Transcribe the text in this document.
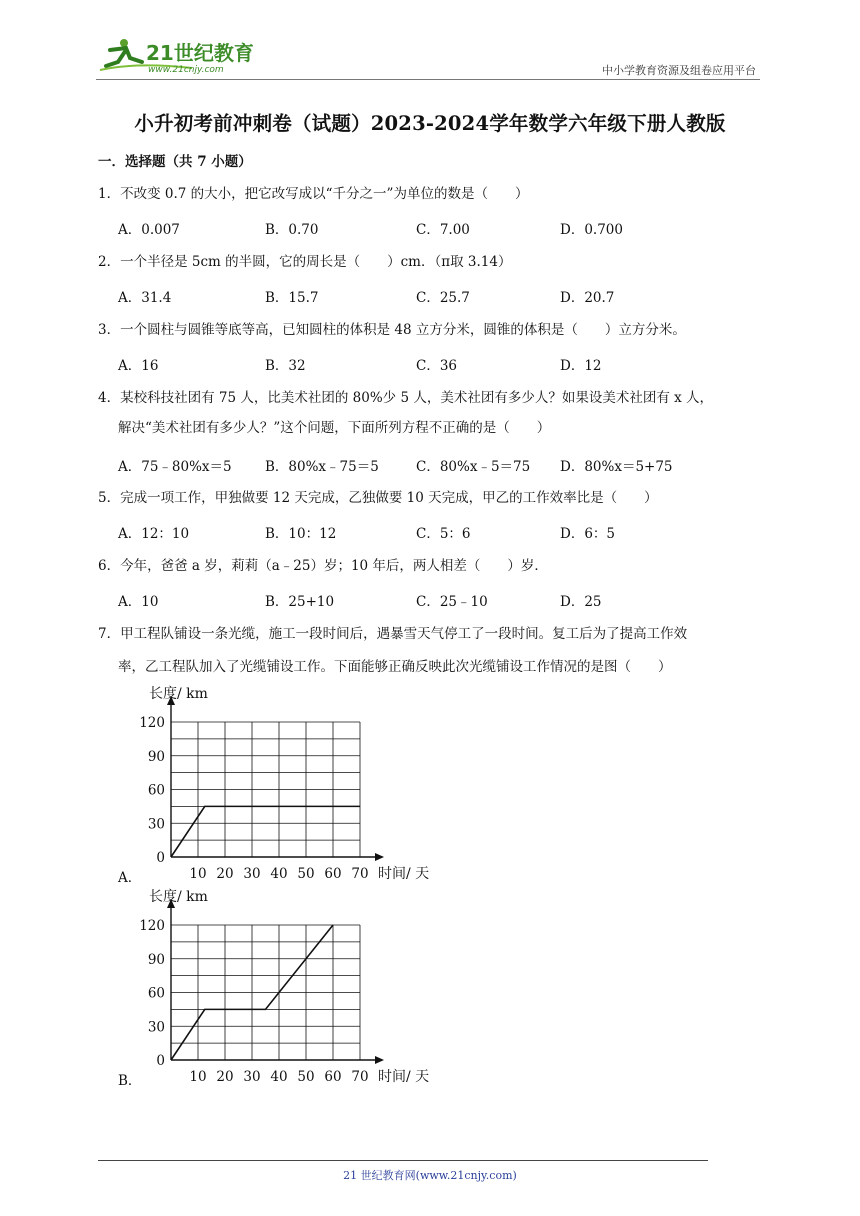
21世纪教育
www.21cnjy.com	中小学教育资源及组卷应用平台
小升初考前冲刺卷（试题）2023-2024学年数学六年级下册人教版
一．选择题（共 7 小题）
1．不改变 0.7 的大小，把它改写成以“千分之一”为单位的数是（　　）
A．0.007	B．0.70	C．7.00	D．0.700
2．一个半径是 5cm 的半圆，它的周长是（　　）cm．（π取 3.14）
A．31.4	B．15.7	C．25.7	D．20.7
3．一个圆柱与圆锥等底等高，已知圆柱的体积是 48 立方分米，圆锥的体积是（　　）立方分米。
A．16	B．32	C．36	D．12
4．某校科技社团有 75 人，比美术社团的 80%少 5 人，美术社团有多少人？如果设美术社团有 x 人，
解决“美术社团有多少人？”这个问题，下面所列方程不正确的是（　　）
A．75﹣80%x＝5 B．80%x﹣75＝5	C．80%x﹣5＝75 D．80%x＝5+75
5．完成一项工作，甲独做要 12 天完成，乙独做要 10 天完成，甲乙的工作效率比是（　　）
A．12：10	B．10：12	C．5：6	D．6：5
6．今年，爸爸 a 岁，莉莉（a﹣25）岁；10 年后，两人相差（　　）岁．
A．10	B．25+10	C．25﹣10	D．25
7．甲工程队铺设一条光缆，施工一段时间后，遇暴雪天气停工了一段时间。复工后为了提高工作效
率，乙工程队加入了光缆铺设工作。下面能够正确反映此次光缆铺设工作情况的是图（　　）
A．
0
30
60
90
120
10 20 30 40 50 60 70
长度/ km
时间/ 天
B．
0
30
60
90
120
10 20 30 40 50 60 70
长度/ km
时间/ 天
21 世纪教育网(www.21cnjy.com)
